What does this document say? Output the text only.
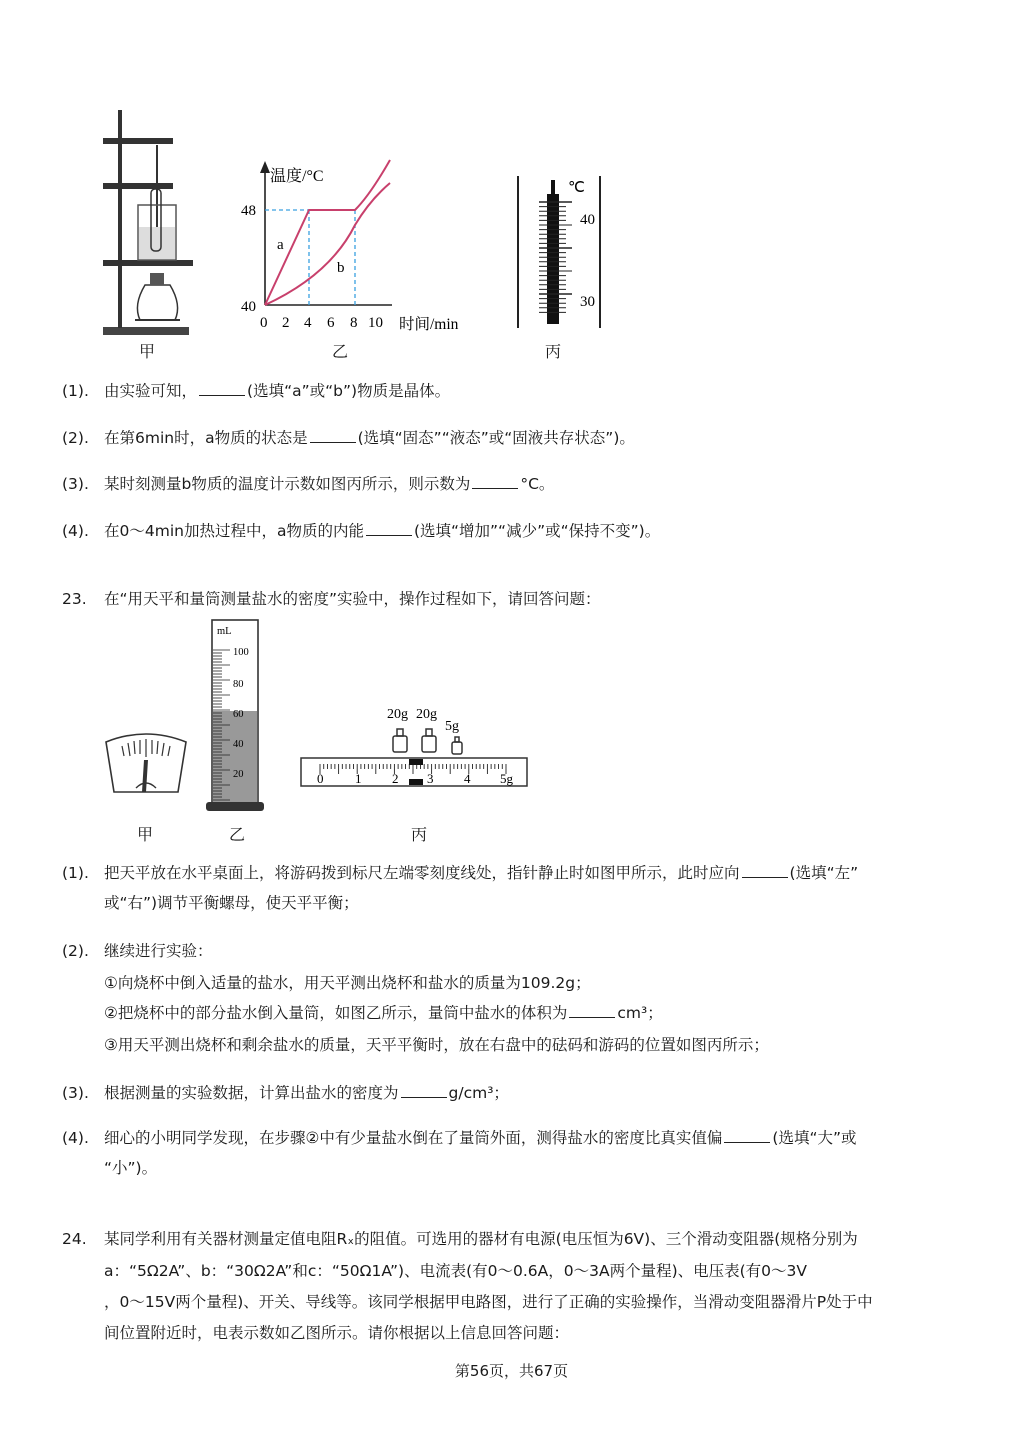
甲
温度/°C
48
40
a
b
0 2 4 6 8 10 时间/min
乙
℃
40
30
丙
(1). 由实验可知，	(选填“a”或“b”)物质是晶体。
(2). 在第6min时，a物质的状态是	(选填“固态”“液态”或“固液共存状态”)。
(3). 某时刻测量b物质的温度计示数如图丙所示，则示数为	°C。
(4). 在0～4min加热过程中，a物质的内能	(选填“增加”“减少”或“保持不变”)。
23. 在“用天平和量筒测量盐水的密度”实验中，操作过程如下，请回答问题：
甲
mL
100
80
60
40
20
乙
20g 20g
5g
0 1 2 3 4 5g
丙
(1). 把天平放在水平桌面上，将游码拨到标尺左端零刻度线处，指针静止时如图甲所示，此时应向	(选填“左”
或“右”)调节平衡螺母，使天平平衡；
(2). 继续进行实验：
①向烧杯中倒入适量的盐水，用天平测出烧杯和盐水的质量为109.2g；
②把烧杯中的部分盐水倒入量筒，如图乙所示，量筒中盐水的体积为	cm³；
③用天平测出烧杯和剩余盐水的质量，天平平衡时，放在右盘中的砝码和游码的位置如图丙所示；
(3). 根据测量的实验数据，计算出盐水的密度为	g/cm³；
(4). 细心的小明同学发现，在步骤②中有少量盐水倒在了量筒外面，测得盐水的密度比真实值偏	(选填“大”或
“小”)。
24. 某同学利用有关器材测量定值电阻Rₓ的阻值。可选用的器材有电源(电压恒为6V)、三个滑动变阻器(规格分别为
a：“5Ω2A”、b：“30Ω2A”和c：“50Ω1A”)、电流表(有0～0.6A，0～3A两个量程)、电压表(有0～3V
，0～15V两个量程)、开关、导线等。该同学根据甲电路图，进行了正确的实验操作，当滑动变阻器滑片P处于中
间位置附近时，电表示数如乙图所示。请你根据以上信息回答问题：
第56页，共67页
